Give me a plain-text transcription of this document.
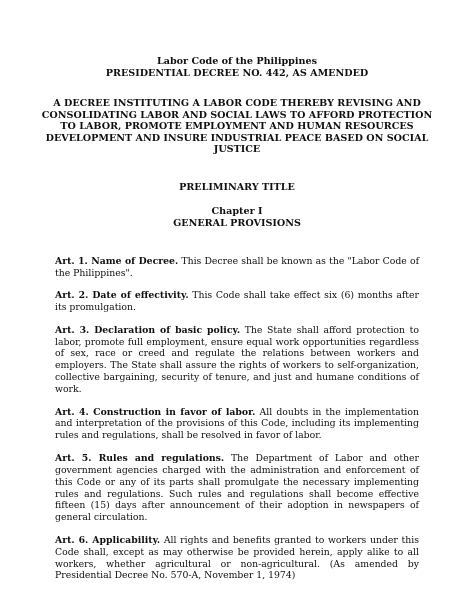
Labor Code of the Philippines
PRESIDENTIAL DECREE NO. 442, AS AMENDED
A DECREE INSTITUTING A LABOR CODE THEREBY REVISING AND
CONSOLIDATING LABOR AND SOCIAL LAWS TO AFFORD PROTECTION
TO LABOR, PROMOTE EMPLOYMENT AND HUMAN RESOURCES
DEVELOPMENT AND INSURE INDUSTRIAL PEACE BASED ON SOCIAL
JUSTICE
PRELIMINARY TITLE
Chapter I
GENERAL PROVISIONS

Art. 1. Name of Decree. This Decree shall be known as the "Labor Code of the Philippines".

Art. 2. Date of effectivity. This Code shall take effect six (6) months after its promulgation.

Art. 3. Declaration of basic policy. The State shall afford protection to labor, promote full employment, ensure equal work opportunities regardless of sex, race or creed and regulate the relations between workers and employers. The State shall assure the rights of workers to self-organization, collective bargaining, security of tenure, and just and humane conditions of work.

Art. 4. Construction in favor of labor. All doubts in the implementation and interpretation of the provisions of this Code, including its implementing rules and regulations, shall be resolved in favor of labor.

Art. 5. Rules and regulations. The Department of Labor and other government agencies charged with the administration and enforcement of this Code or any of its parts shall promulgate the necessary implementing rules and regulations. Such rules and regulations shall become effective fifteen (15) days after announcement of their adoption in newspapers of general circulation.

Art. 6. Applicability. All rights and benefits granted to workers under this Code shall, except as may otherwise be provided herein, apply alike to all workers, whether agricultural or non-agricultural. (As amended by Presidential Decree No. 570-A, November 1, 1974)
